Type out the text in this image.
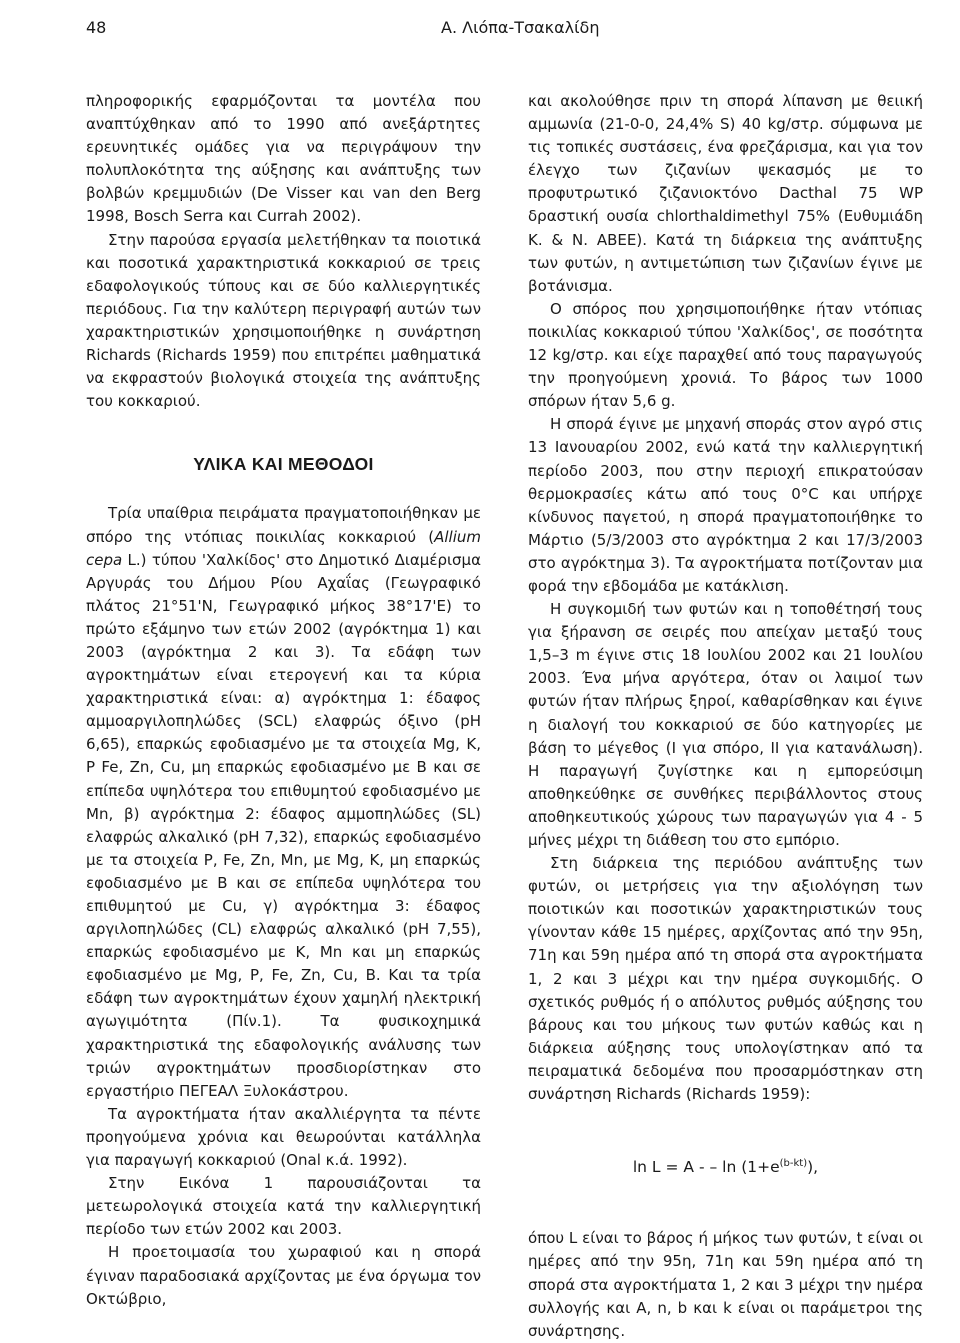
48	Α. Λιόπα-Τσακαλίδη

πληροφορικής εφαρμόζονται τα μοντέλα που αναπτύχθηκαν από το 1990 από ανεξάρτητες ερευνητικές ομάδες για να περιγράψουν την πολυπλοκότητα της αύξησης και ανάπτυξης των βολβών κρεμμυδιών (De Visser και van den Berg 1998, Bosch Serra και Currah 2002).

Στην παρούσα εργασία μελετήθηκαν τα ποιοτικά και ποσοτικά χαρακτηριστικά κοκκαριού σε τρεις εδαφολογικούς τύπους και σε δύο καλλιεργητικές περιόδους. Για την καλύτερη περιγραφή αυτών των χαρακτηριστικών χρησιμοποιήθηκε η συνάρτηση Richards (Richards 1959) που επιτρέπει μαθηματικά να εκφραστούν βιολογικά στοιχεία της ανάπτυξης του κοκκαριού.

ΥΛΙΚΑ ΚΑΙ ΜΕΘΟΔΟΙ

Τρία υπαίθρια πειράματα πραγματοποιήθηκαν με σπόρο της ντόπιας ποικιλίας κοκκαριού (Allium cepa L.) τύπου 'Χαλκίδος' στο Δημοτικό Διαμέρισμα Αργυράς του Δήμου Ρίου Αχαΐας (Γεωγραφικό πλάτος 21°51'N, Γεωγραφικό μήκος 38°17'E) το πρώτο εξάμηνο των ετών 2002 (αγρόκτημα 1) και 2003 (αγρόκτημα 2 και 3). Τα εδάφη των αγροκτημάτων είναι ετερογενή και τα κύρια χαρακτηριστικά είναι: α) αγρόκτημα 1: έδαφος αμμοαργιλοπηλώδες (SCL) ελαφρώς όξινο (pH 6,65), επαρκώς εφοδιασμένο με τα στοιχεία Mg, K, P Fe, Zn, Cu, μη επαρκώς εφοδιασμένο με B και σε επίπεδα υψηλότερα του επιθυμητού εφοδιασμένο με Mn, β) αγρόκτημα 2: έδαφος αμμοπηλώδες (SL) ελαφρώς αλκαλικό (pH 7,32), επαρκώς εφοδιασμένο με τα στοιχεία P, Fe, Zn, Mn, με Mg, K, μη επαρκώς εφοδιασμένο με B και σε επίπεδα υψηλότερα του επιθυμητού με Cu, γ) αγρόκτημα 3: έδαφος αργιλοπηλώδες (CL) ελαφρώς αλκαλικό (pH 7,55), επαρκώς εφοδιασμένο με K, Mn και μη επαρκώς εφοδιασμένο με Mg, P, Fe, Zn, Cu, B. Και τα τρία εδάφη των αγροκτημάτων έχουν χαμηλή ηλεκτρική αγωγιμότητα (Πίν.1). Τα φυσικοχημικά χαρακτηριστικά της εδαφολογικής ανάλυσης των τριών αγροκτημάτων προσδιορίστηκαν στο εργαστήριο ΠΕΓΕΑΛ Ξυλοκάστρου.

Τα αγροκτήματα ήταν ακαλλιέργητα τα πέντε προηγούμενα χρόνια και θεωρούνται κατάλληλα για παραγωγή κοκκαριού (Onal κ.ά. 1992).

Στην Εικόνα 1 παρουσιάζονται τα μετεωρολογικά στοιχεία κατά την καλλιεργητική περίοδο των ετών 2002 και 2003.

Η προετοιμασία του χωραφιού και η σπορά έγιναν παραδοσιακά αρχίζοντας με ένα όργωμα τον Οκτώβριο,

και ακολούθησε πριν τη σπορά λίπανση με θειική αμμωνία (21-0-0, 24,4% S) 40 kg/στρ. σύμφωνα με τις τοπικές συστάσεις, ένα φρεζάρισμα, και για τον έλεγχο των ζιζανίων ψεκασμός με το προφυτρωτικό ζιζανιοκτόνο Dacthal 75 WP δραστική ουσία chlorthaldimethyl 75% (Ευθυμιάδη Κ. & Ν. ΑΒΕΕ). Κατά τη διάρκεια της ανάπτυξης των φυτών, η αντιμετώπιση των ζιζανίων έγινε με βοτάνισμα.

Ο σπόρος που χρησιμοποιήθηκε ήταν ντόπιας ποικιλίας κοκκαριού τύπου 'Χαλκίδος', σε ποσότητα 12 kg/στρ. και είχε παραχθεί από τους παραγωγούς την προηγούμενη χρονιά. Το βάρος των 1000 σπόρων ήταν 5,6 g.

Η σπορά έγινε με μηχανή σποράς στον αγρό στις 13 Ιανουαρίου 2002, ενώ κατά την καλλιεργητική περίοδο 2003, που στην περιοχή επικρατούσαν θερμοκρασίες κάτω από τους 0°C και υπήρχε κίνδυνος παγετού, η σπορά πραγματοποιήθηκε το Μάρτιο (5/3/2003 στο αγρόκτημα 2 και 17/3/2003 στο αγρόκτημα 3). Τα αγροκτήματα ποτίζονταν μια φορά την εβδομάδα με κατάκλιση.

Η συγκομιδή των φυτών και η τοποθέτησή τους για ξήρανση σε σειρές που απείχαν μεταξύ τους 1,5–3 m έγινε στις 18 Ιουλίου 2002 και 21 Ιουλίου 2003. Ένα μήνα αργότερα, όταν οι λαιμοί των φυτών ήταν πλήρως ξηροί, καθαρίσθηκαν και έγινε η διαλογή του κοκκαριού σε δύο κατηγορίες με βάση το μέγεθος (I για σπόρο, II για κατανάλωση). Η παραγωγή ζυγίστηκε και η εμπορεύσιμη αποθηκεύθηκε σε συνθήκες περιβάλλοντος στους αποθηκευτικούς χώρους των παραγωγών για 4 - 5 μήνες μέχρι τη διάθεση του στο εμπόριο.

Στη διάρκεια της περιόδου ανάπτυξης των φυτών, οι μετρήσεις για την αξιολόγηση των ποιοτικών και ποσοτικών χαρακτηριστικών τους γίνονταν κάθε 15 ημέρες, αρχίζοντας από την 95η, 71η και 59η ημέρα από τη σπορά στα αγροκτήματα 1, 2 και 3 μέχρι και την ημέρα συγκομιδής. Ο σχετικός ρυθμός ή ο απόλυτος ρυθμός αύξησης του βάρους και του μήκους των φυτών καθώς και η διάρκεια αύξησης τους υπολογίστηκαν από τα πειραματικά δεδομένα που προσαρμόστηκαν στη συνάρτηση Richards (Richards 1959):

ln L = A - – $\ln (1+e^{(b-kt)})$,

όπου L είναι το βάρος ή μήκος των φυτών, t είναι οι ημέρες από την 95η, 71η και 59η ημέρα από τη σπορά στα αγροκτήματα 1, 2 και 3 μέχρι την ημέρα συλλογής και A, n, b και k είναι οι παράμετροι της συνάρτησης.
